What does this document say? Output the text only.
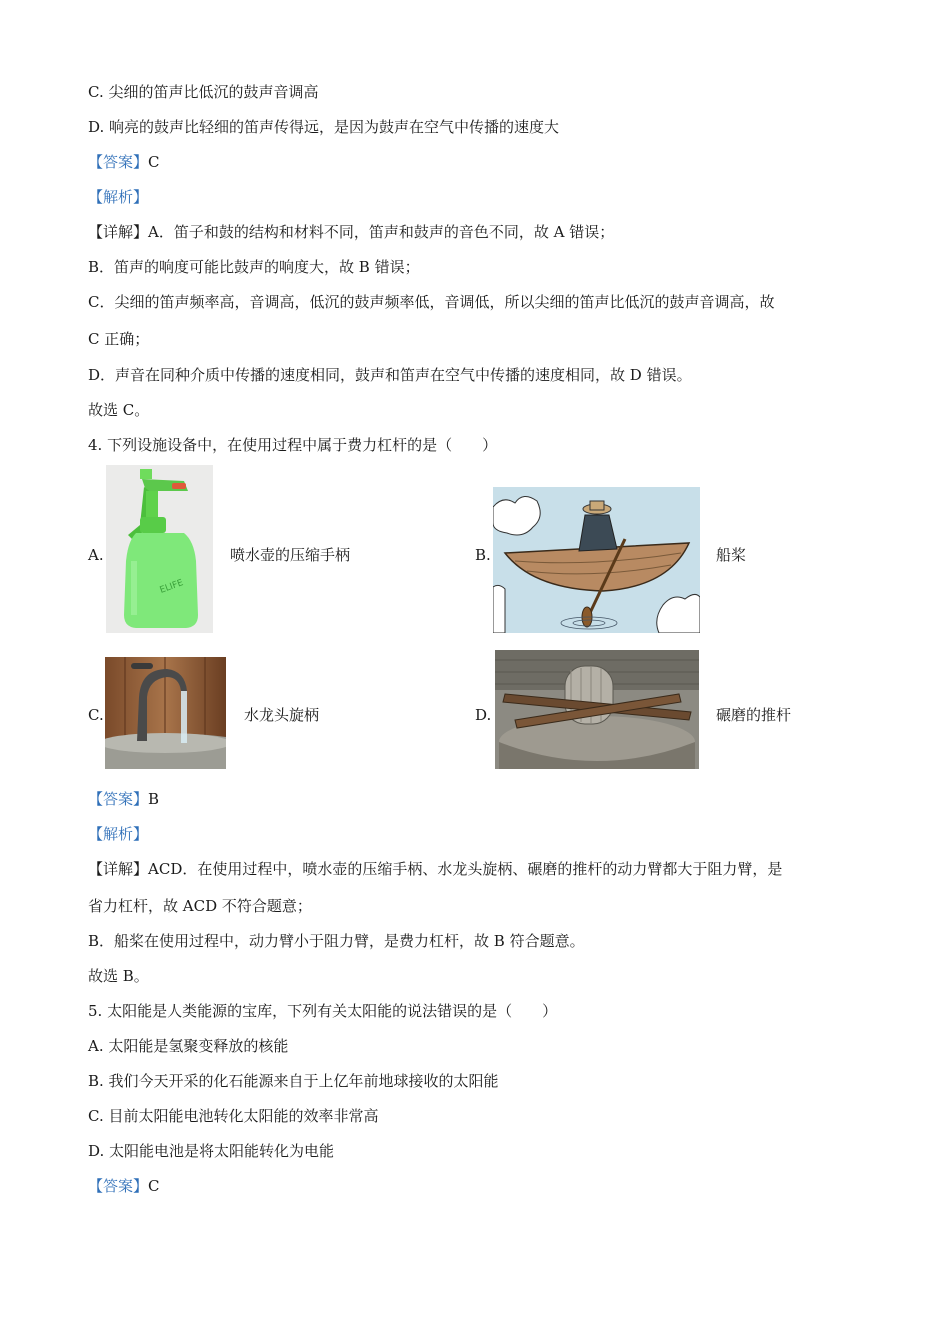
C. 尖细的笛声比低沉的鼓声音调高
D. 响亮的鼓声比轻细的笛声传得远，是因为鼓声在空气中传播的速度大
【答案】C
【解析】
【详解】A．笛子和鼓的结构和材料不同，笛声和鼓声的音色不同，故 A 错误；
B．笛声的响度可能比鼓声的响度大，故 B 错误；
C．尖细的笛声频率高，音调高，低沉的鼓声频率低，音调低，所以尖细的笛声比低沉的鼓声音调高，故
C 正确；
D．声音在同种介质中传播的速度相同，鼓声和笛声在空气中传播的速度相同，故 D 错误。
故选 C。
4. 下列设施设备中，在使用过程中属于费力杠杆的是（　　）
A.
ELIFE
喷水壶的压缩手柄	B.	船桨
C.	水龙头旋柄	D.	碾磨的推杆
【答案】B
【解析】
【详解】ACD．在使用过程中，喷水壶的压缩手柄、水龙头旋柄、碾磨的推杆的动力臂都大于阻力臂，是
省力杠杆，故 ACD 不符合题意；
B．船桨在使用过程中，动力臂小于阻力臂，是费力杠杆，故 B 符合题意。
故选 B。
5. 太阳能是人类能源的宝库，下列有关太阳能的说法错误的是（　　）
A. 太阳能是氢聚变释放的核能
B. 我们今天开采的化石能源来自于上亿年前地球接收的太阳能
C. 目前太阳能电池转化太阳能的效率非常高
D. 太阳能电池是将太阳能转化为电能
【答案】C
